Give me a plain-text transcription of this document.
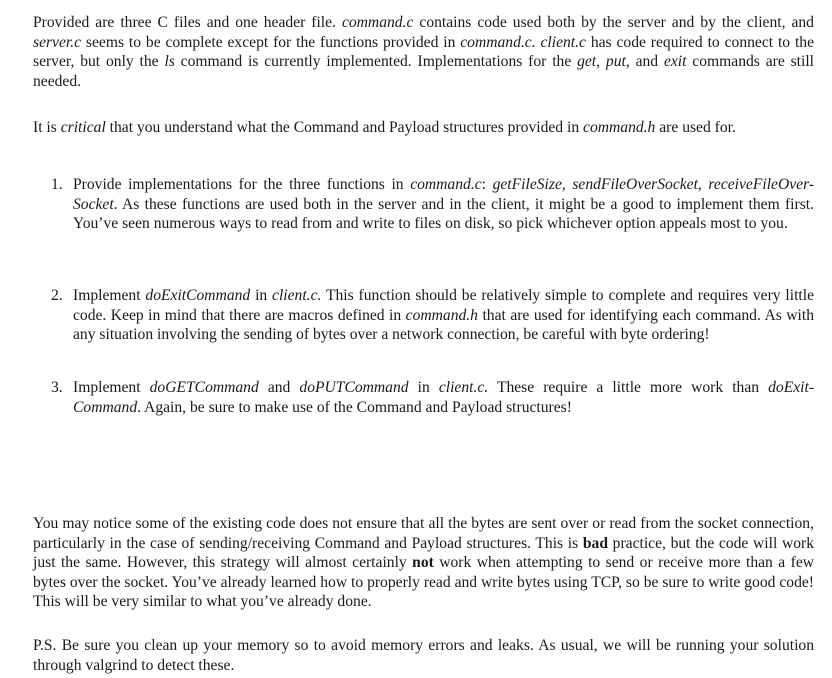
Provided are three C files and one header file. command.c contains code used both by the server and by the client, and server.c seems to be complete except for the functions provided in command.c. client.c has code required to connect to the server, but only the ls command is currently implemented. Implementations for the get, put, and exit commands are still needed.

It is critical that you understand what the Command and Payload structures provided in command.h are used for.

1. Provide implementations for the three functions in command.c: getFileSize, sendFileOverSocket, receiveFileOver-Socket. As these functions are used both in the server and in the client, it might be a good to implement them first. You’ve seen numerous ways to read from and write to files on disk, so pick whichever option appeals most to you.
2. Implement doExitCommand in client.c. This function should be relatively simple to complete and requires very little code. Keep in mind that there are macros defined in command.h that are used for identifying each command. As with any situation involving the sending of bytes over a network connection, be careful with byte ordering!
3. Implement doGETCommand and doPUTCommand in client.c. These require a little more work than doExit-Command. Again, be sure to make use of the Command and Payload structures!

You may notice some of the existing code does not ensure that all the bytes are sent over or read from the socket connection, particularly in the case of sending/receiving Command and Payload structures. This is bad practice, but the code will work just the same. However, this strategy will almost certainly not work when attempting to send or receive more than a few bytes over the socket. You’ve already learned how to properly read and write bytes using TCP, so be sure to write good code! This will be very similar to what you’ve already done.

P.S. Be sure you clean up your memory so to avoid memory errors and leaks. As usual, we will be running your solution through valgrind to detect these.
